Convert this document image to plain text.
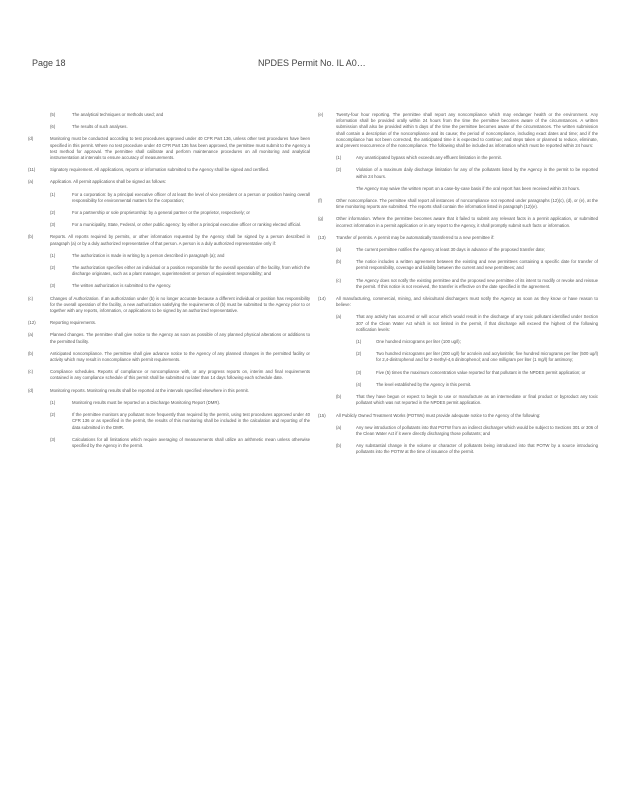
Page 18	NPDES Permit No. IL A0…
(5)	The analytical techniques or methods used; and
(6)	The results of such analyses.
(d)	Monitoring must be conducted according to test procedures approved under 40 CFR Part 136, unless other test procedures have been specified in this permit. Where no test procedure under 40 CFR Part 136 has been approved, the permittee must submit to the Agency a test method for approval. The permittee shall calibrate and perform maintenance procedures on all monitoring and analytical instrumentation at intervals to ensure accuracy of measurements.
(11)	Signatory requirement. All applications, reports or information submitted to the Agency shall be signed and certified.
(a)	Application. All permit applications shall be signed as follows:
(1)	For a corporation: by a principal executive officer of at least the level of vice president or a person or position having overall responsibility for environmental matters for the corporation;
(2)	For a partnership or sole proprietorship: by a general partner or the proprietor, respectively; or
(3)	For a municipality, State, Federal, or other public agency: by either a principal executive officer or ranking elected official.
(b)	Reports. All reports required by permits, or other information requested by the Agency shall be signed by a person described in paragraph (a) or by a duly authorized representative of that person. A person is a duly authorized representative only if:
(1)	The authorization is made in writing by a person described in paragraph (a); and
(2)	The authorization specifies either an individual or a position responsible for the overall operation of the facility, from which the discharge originates, such as a plant manager, superintendent or person of equivalent responsibility; and
(3)	The written authorization is submitted to the Agency.
(c)	Changes of Authorization. If an authorization under (b) is no longer accurate because a different individual or position has responsibility for the overall operation of the facility, a new authorization satisfying the requirements of (b) must be submitted to the Agency prior to or together with any reports, information, or applications to be signed by an authorized representative.
(12)	Reporting requirements.
(a)	Planned changes. The permittee shall give notice to the Agency as soon as possible of any planned physical alterations or additions to the permitted facility.
(b)	Anticipated noncompliance. The permittee shall give advance notice to the Agency of any planned changes in the permitted facility or activity which may result in noncompliance with permit requirements.
(c)	Compliance schedules. Reports of compliance or noncompliance with, or any progress reports on, interim and final requirements contained in any compliance schedule of this permit shall be submitted no later than 14 days following each schedule date.
(d)	Monitoring reports. Monitoring results shall be reported at the intervals specified elsewhere in this permit.
(1)	Monitoring results must be reported on a Discharge Monitoring Report (DMR).
(2)	If the permittee monitors any pollutant more frequently than required by the permit, using test procedures approved under 40 CFR 136 or as specified in the permit, the results of this monitoring shall be included in the calculation and reporting of the data submitted in the DMR.
(3)	Calculations for all limitations which require averaging of measurements shall utilize an arithmetic mean unless otherwise specified by the Agency in the permit.
(e)	Twenty-four hour reporting. The permittee shall report any noncompliance which may endanger health or the environment. Any information shall be provided orally within 24 hours from the time the permittee becomes aware of the circumstances. A written submission shall also be provided within 5 days of the time the permittee becomes aware of the circumstances. The written submission shall contain a description of the noncompliance and its cause; the period of noncompliance, including exact dates and time; and if the noncompliance has not been corrected, the anticipated time it is expected to continue; and steps taken or planned to reduce, eliminate, and prevent reoccurrence of the noncompliance. The following shall be included as information which must be reported within 24 hours:
(1)	Any unanticipated bypass which exceeds any effluent limitation in the permit.
(2)	Violation of a maximum daily discharge limitation for any of the pollutants listed by the Agency in the permit to be reported within 24 hours.
The Agency may waive the written report on a case-by-case basis if the oral report has been received within 24 hours.
(f)	Other noncompliance. The permittee shall report all instances of noncompliance not reported under paragraphs (12)(c), (d), or (e), at the time monitoring reports are submitted. The reports shall contain the information listed in paragraph (12)(e).
(g)	Other information. Where the permittee becomes aware that it failed to submit any relevant facts in a permit application, or submitted incorrect information in a permit application or in any report to the Agency, it shall promptly submit such facts or information.
(13) Transfer of permits. A permit may be automatically transferred to a new permittee if:
(a)	The current permittee notifies the Agency at least 30 days in advance of the proposed transfer date;
(b)	The notice includes a written agreement between the existing and new permittees containing a specific date for transfer of permit responsibility, coverage and liability between the current and new permittees; and
(c)	The Agency does not notify the existing permittee and the proposed new permittee of its intent to modify or revoke and reissue the permit. If this notice is not received, the transfer is effective on the date specified in the agreement.
(14) All manufacturing, commercial, mining, and silvicultural dischargers must notify the Agency as soon as they know or have reason to believe:
(a)	That any activity has occurred or will occur which would result in the discharge of any toxic pollutant identified under Section 307 of the Clean Water Act which is not limited in the permit, if that discharge will exceed the highest of the following notification levels:
(1)	One hundred micrograms per liter (100 ug/l);
(2)	Two hundred micrograms per liter (200 ug/l) for acrolein and acrylonitrile; five hundred micrograms per liter (500 ug/l) for 2,4-dinitrophenol and for 2-methyl-4,6 dinitrophenol; and one milligram per liter (1 mg/l) for antimony;
(3)	Five (5) times the maximum concentration value reported for that pollutant in the NPDES permit application; or
(4)	The level established by the Agency in this permit.
(b)	That they have begun or expect to begin to use or manufacture as an intermediate or final product or byproduct any toxic pollutant which was not reported in the NPDES permit application.
(15) All Publicly Owned Treatment Works (POTWs) must provide adequate notice to the Agency of the following:
(a)	Any new introduction of pollutants into that POTW from an indirect discharger which would be subject to Sections 301 or 306 of the Clean Water Act if it were directly discharging those pollutants; and
(b)	Any substantial change in the volume or character of pollutants being introduced into that POTW by a source introducing pollutants into the POTW at the time of issuance of the permit.
